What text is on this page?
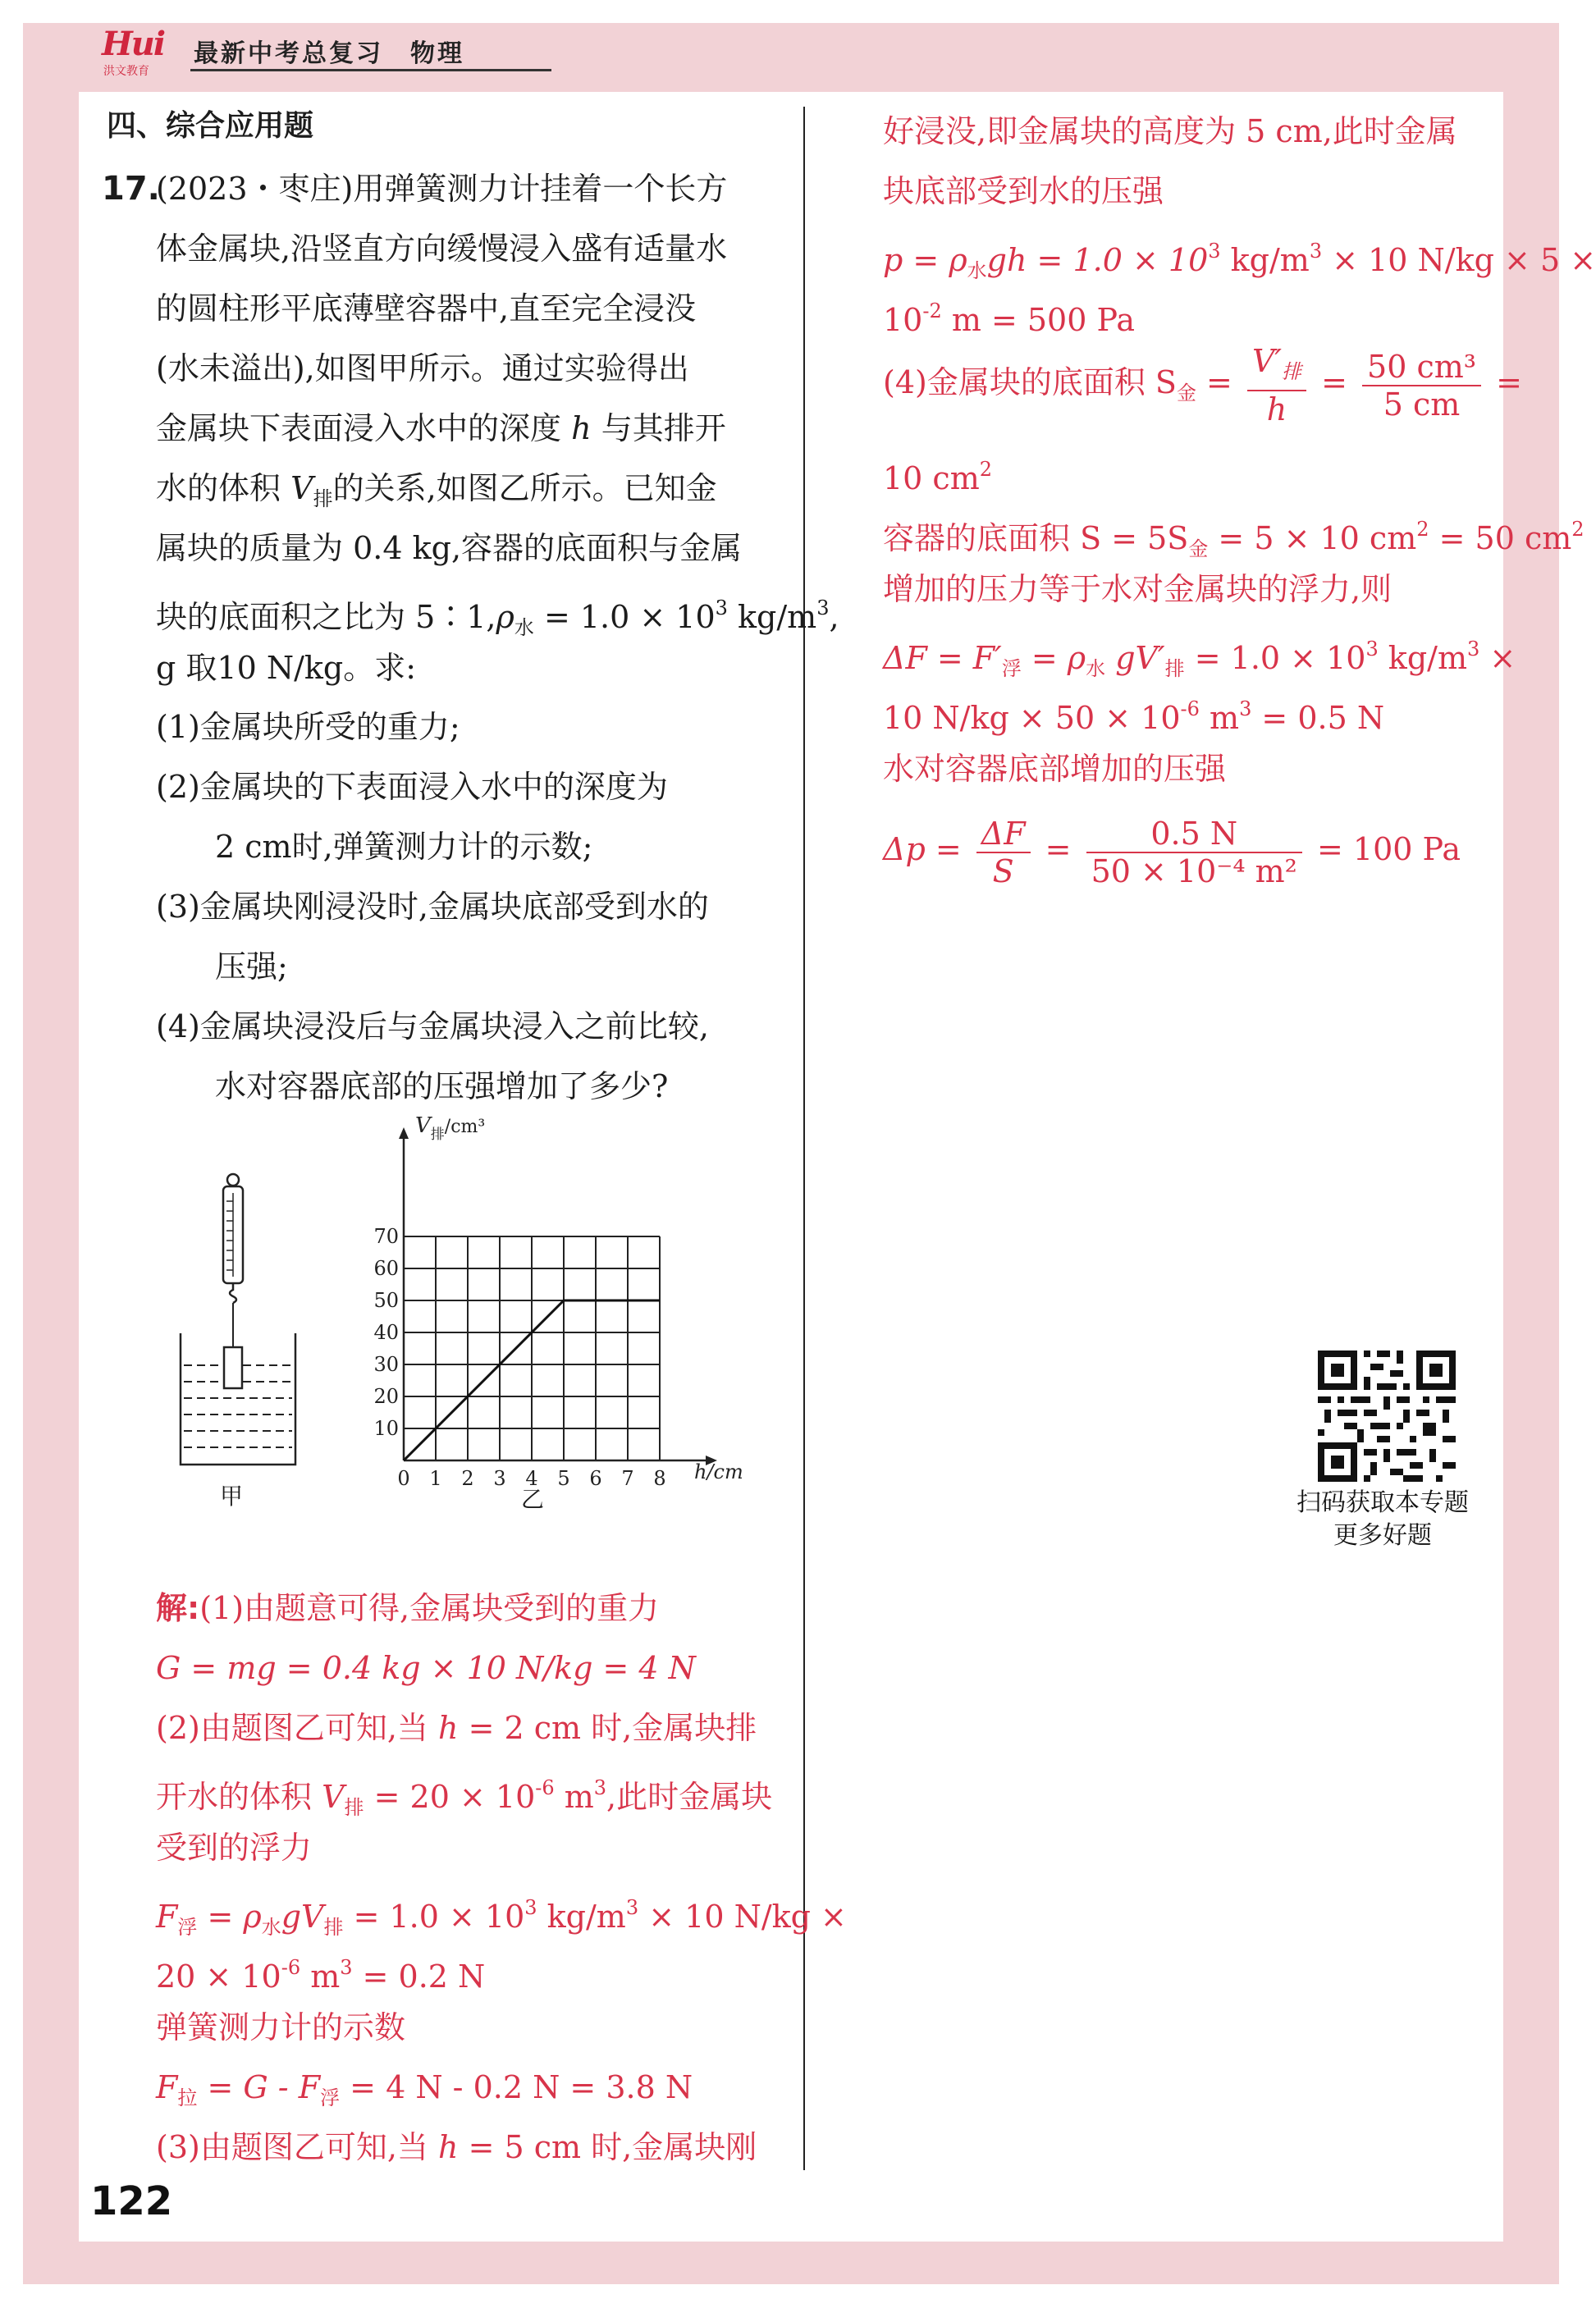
Hui
洪文教育
最新中考总复习　物理
四、综合应用题
17.
(2023・枣庄)用弹簧测力计挂着一个长方
体金属块,沿竖直方向缓慢浸入盛有适量水
的圆柱形平底薄壁容器中,直至完全浸没
(水未溢出),如图甲所示。通过实验得出
金属块下表面浸入水中的深度 h 与其排开
水的体积 $V_排$的关系,如图乙所示。已知金
属块的质量为 0.4 kg,容器的底面积与金属
块的底面积之比为 $5∶1,\rho_水 = 1.0 \times 10^3$ $kg/m^3$,
g 取10 N/kg。求:
(1)金属块所受的重力;
(2)金属块的下表面浸入水中的深度为
2 cm时,弹簧测力计的示数;
(3)金属块刚浸没时,金属块底部受到水的
压强;
(4)金属块浸没后与金属块浸入之前比较,
水对容器底部的压强增加了多少?
甲
0 1 2 3 4 5 6 7 8
10
20
30
40
50
60
70
$V_排^{/cm^3}$
h/cm
乙
解:(1)由题意可得,金属块受到的重力
G = mg = 0.4 kg × 10 N/kg = 4 N
(2)由题图乙可知,当 h = 2 cm 时,金属块排
开水的体积 $V_排 = 20 \times 10^{-6}$ $m^3$,此时金属块
受到的浮力
$F_浮 = \rho_水gV_排 = 1.0 \times 10^3$ $kg/m^3 \times 10$ N/kg ×
$20 \times 10^{-6}$ $m^3 = 0.2$ N
弹簧测力计的示数
$F_拉 = G - F_浮 = 4$ N - 0.2 N = 3.8 N
(3)由题图乙可知,当 h = 5 cm 时,金属块刚
好浸没,即金属块的高度为 5 cm,此时金属
块底部受到水的压强
$p = \rho_水gh = 1.0 \times 10^3$ $kg/m^3 \times 10$ N/kg × 5 ×
$10^{-2}$ m = 500 Pa
(4)金属块的底面积 $S_金 = \frac{V'_排}{h} = \frac{\text{50 cm³}}{5 cm}$ =
10 $cm^2$
容器的底面积 $S = 5S_金 = 5 \times 10$ $cm^2 = 50$ $cm^2$
增加的压力等于水对金属块的浮力,则
$\Delta F = F'_浮 = \rho_水$ $gV'_排 = 1.0 \times 10^3$ $kg/m^3$ ×
10 $N/kg \times 50 \times 10^{-6}$ $m^3 = 0.5$ N
水对容器底部增加的压强
$\Delta p = \frac{\Delta F}{S} = \frac{0.5 N}{\text{50 × 10⁻⁴ m²}} = 100$ Pa
扫码获取本专题
更多好题
122
